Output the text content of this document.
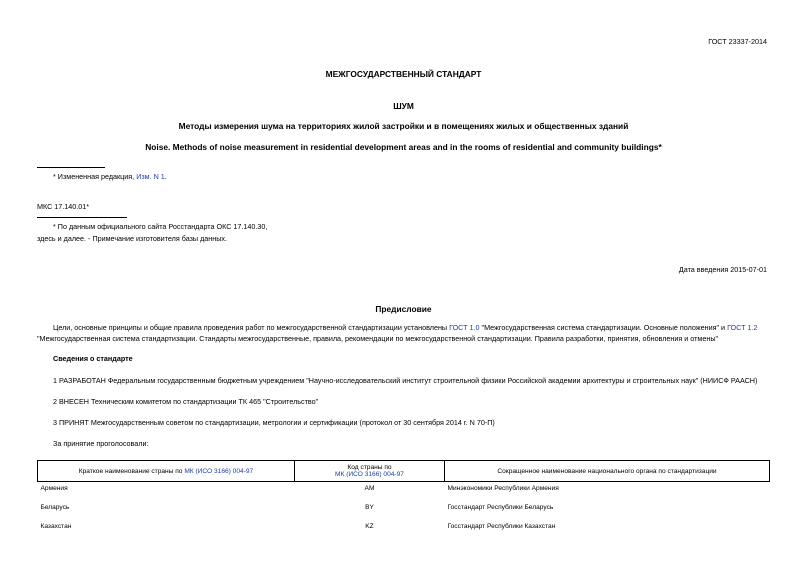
ГОСТ 23337-2014
МЕЖГОСУДАРСТВЕННЫЙ СТАНДАРТ
ШУМ
Методы измерения шума на территориях жилой застройки и в помещениях жилых и общественных зданий
Noise. Methods of noise measurement in residential development areas and in the rooms of residential and community buildings*
* Измененная редакция, Изм. N 1.
МКС 17.140.01*
* По данным официального сайта Росстандарта ОКС 17.140.30,
здесь и далее. - Примечание изготовителя базы данных.
Дата введения 2015-07-01
Предисловие
Цели, основные принципы и общие правила проведения работ по межгосударственной стандартизации установлены ГОСТ 1.0 "Межгосударственная система стандартизации. Основные положения" и ГОСТ 1.2
"Межгосударственная система стандартизации. Стандарты межгосударственные, правила, рекомендации по межгосударственной стандартизации. Правила разработки, принятия, обновления и отмены"
Сведения о стандарте
1 РАЗРАБОТАН Федеральным государственным бюджетным учреждением "Научно-исследовательский институт строительной физики Российской академии архитектуры и строительных наук" (НИИСФ РААСН)
2 ВНЕСЕН Техническим комитетом по стандартизации ТК 465 "Строительство"
3 ПРИНЯТ Межгосударственным советом по стандартизации, метрологии и сертификации (протокол от 30 сентября 2014 г. N 70-П)
За принятие проголосовали:
Краткое наименование страны по МК (ИСО 3166) 004-97	Код страны по
МК (ИСО 3166) 004-97	Сокращенное наименование национального органа по стандартизации
Армения	AM	Минэкономики Республики Армения
Беларусь	BY	Госстандарт Республики Беларусь
Казахстан	KZ	Госстандарт Республики Казахстан
